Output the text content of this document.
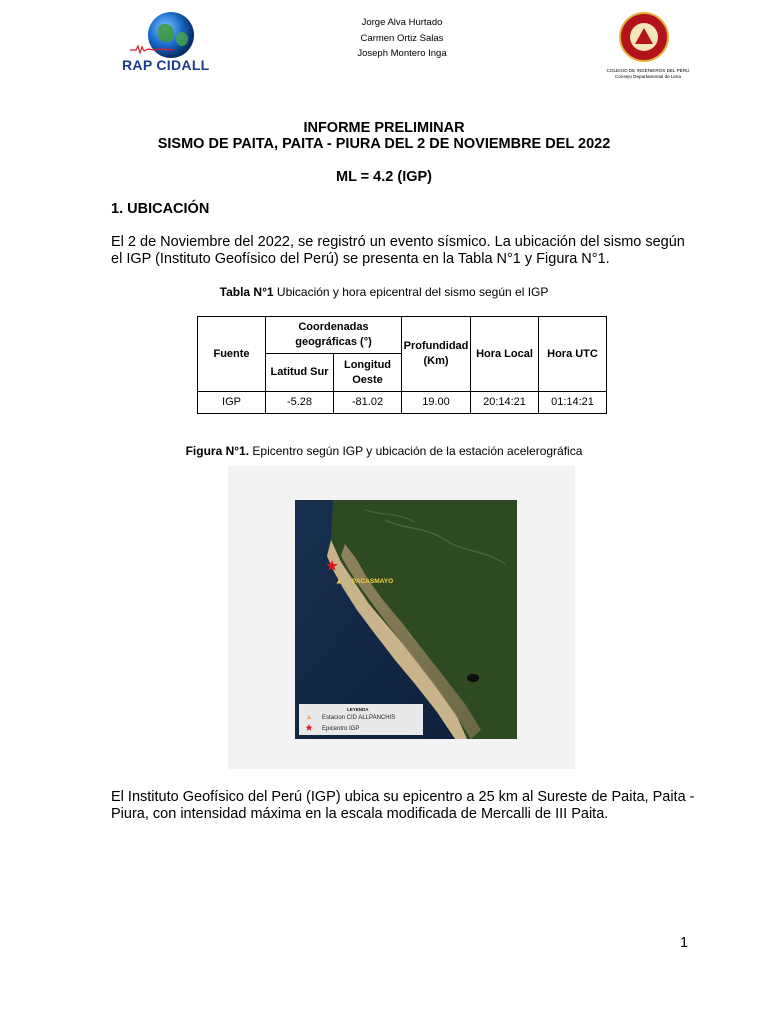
RAP CIDALL
Jorge Alva Hurtado
Carmen Ortiz Salas
Joseph Montero Inga
COLEGIO DE INGENIEROS DEL PERÚ
Consejo Departamental de Lima
INFORME PRELIMINAR
SISMO DE PAITA, PAITA - PIURA DEL 2 DE NOVIEMBRE DEL 2022
ML = 4.2 (IGP)
1. UBICACIÓN
El 2 de Noviembre del 2022, se registró un evento sísmico. La ubicación del sismo según el IGP (Instituto Geofísico del Perú) se presenta en la Tabla N°1 y Figura N°1.
Tabla N°1 Ubicación y hora epicentral del sismo según el IGP
Fuente	Coordenadas geográficas (°)		Profundidad (Km)	Hora Local	Hora UTC
	Latitud Sur	Longitud Oeste			
IGP	-5.28	-81.02	19.00	20:14:21	01:14:21
Figura N°1. Epicentro según IGP y ubicación de la estación acelerográfica
PACASMAYO
LEYENDA
Estacion CID ALLPANCHIS
Epicentro IGP
El Instituto Geofísico del Perú (IGP) ubica su epicentro a 25 km al Sureste de Paita, Paita - Piura, con intensidad máxima en la escala modificada de Mercalli de III Paita.
1
